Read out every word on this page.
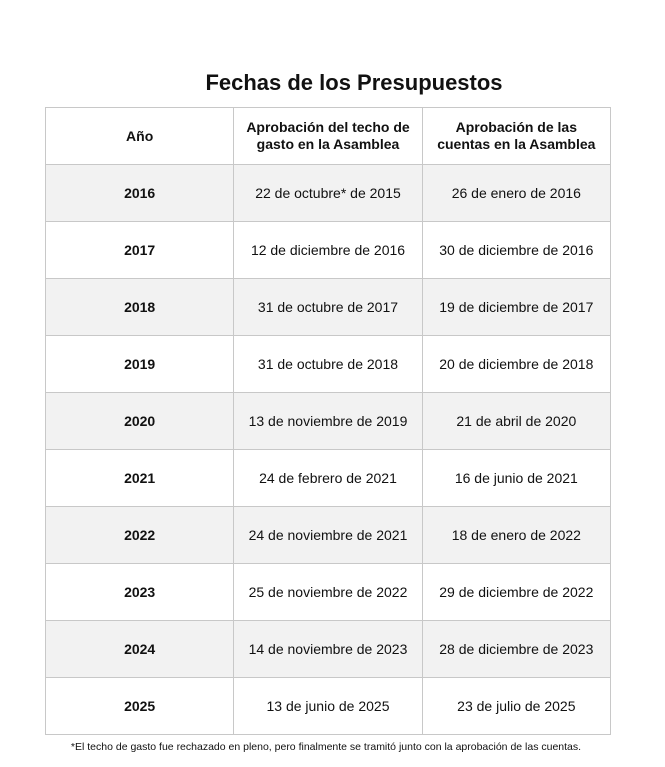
Fechas de los Presupuestos
Año	Aprobación del techo de gasto en la Asamblea	Aprobación de las cuentas en la Asamblea
2016	22 de octubre* de 2015	26 de enero de 2016
2017	12 de diciembre de 2016	30 de diciembre de 2016
2018	31 de octubre de 2017	19 de diciembre de 2017
2019	31 de octubre de 2018	20 de diciembre de 2018
2020	13 de noviembre de 2019	21 de abril de 2020
2021	24 de febrero de 2021	16 de junio de 2021
2022	24 de noviembre de 2021	18 de enero de 2022
2023	25 de noviembre de 2022	29 de diciembre de 2022
2024	14 de noviembre de 2023	28 de diciembre de 2023
2025	13 de junio de 2025	23 de julio de 2025

*El techo de gasto fue rechazado en pleno, pero finalmente se tramitó junto con la aprobación de las cuentas.
